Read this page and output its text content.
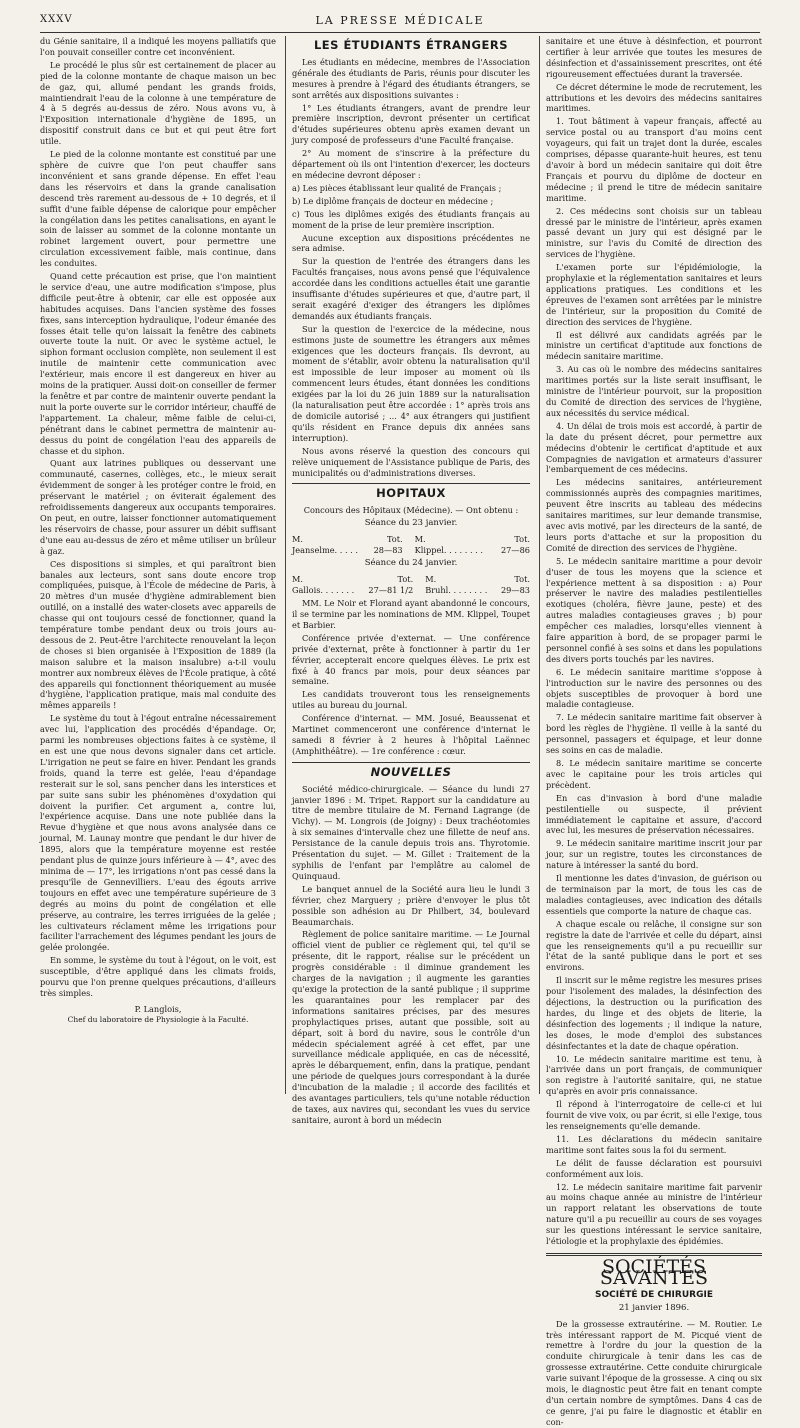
XXXV	LA PRESSE MÉDICALE

du Génie sanitaire, il a indiqué les moyens palliatifs que l'on pouvait conseiller contre cet inconvénient.

Le procédé le plus sûr est certainement de placer au pied de la colonne montante de chaque maison un bec de gaz, qui, allumé pendant les grands froids, maintiendrait l'eau de la colonne à une température de 4 à 5 degrés au-dessus de zéro. Nous avons vu, à l'Exposition internationale d'hygiène de 1895, un dispositif construit dans ce but et qui peut être fort utile.

Le pied de la colonne montante est constitué par une sphère de cuivre que l'on peut chauffer sans inconvénient et sans grande dépense. En effet l'eau dans les réservoirs et dans la grande canalisation descend très rarement au-dessous de + 10 degrés, et il suffit d'une faible dépense de calorique pour empêcher la congélation dans les petites canalisations, en ayant le soin de laisser au sommet de la colonne montante un robinet largement ouvert, pour permettre une circulation excessivement faible, mais continue, dans les conduites.

Quand cette précaution est prise, que l'on maintient le service d'eau, une autre modification s'impose, plus difficile peut-être à obtenir, car elle est opposée aux habitudes acquises. Dans l'ancien système des fosses fixes, sans interception hydraulique, l'odeur émanée des fosses était telle qu'on laissait la fenêtre des cabinets ouverte toute la nuit. Or avec le système actuel, le siphon formant occlusion complète, non seulement il est inutile de maintenir cette communication avec l'extérieur, mais encore il est dangereux en hiver au moins de la pratiquer. Aussi doit-on conseiller de fermer la fenêtre et par contre de maintenir ouverte pendant la nuit la porte ouverte sur le corridor intérieur, chauffé de l'appartement. La chaleur, même faible de celui-ci, pénétrant dans le cabinet permettra de maintenir au-dessus du point de congélation l'eau des appareils de chasse et du siphon.

Quant aux latrines publiques ou desservant une communauté, casernes, collèges, etc., le mieux serait évidemment de songer à les protéger contre le froid, en préservant le matériel ; on éviterait également des refroidissements dangereux aux occupants temporaires. On peut, en outre, laisser fonctionner automatiquement les réservoirs de chasse, pour assurer un débit suffisant d'une eau au-dessus de zéro et même utiliser un brûleur à gaz.

Ces dispositions si simples, et qui paraîtront bien banales aux lecteurs, sont sans doute encore trop compliquées, puisque, à l'École de médecine de Paris, à 20 mètres d'un musée d'hygiène admirablement bien outillé, on a installé des water-closets avec appareils de chasse qui ont toujours cessé de fonctionner, quand la température tombe pendant deux ou trois jours au-dessous de 2. Peut-être l'architecte renouvelant la leçon de choses si bien organisée à l'Exposition de 1889 (la maison salubre et la maison insalubre) a-t-il voulu montrer aux nombreux élèves de l'École pratique, à côté des appareils qui fonctionnent théoriquement au musée d'hygiène, l'application pratique, mais mal conduite des mêmes appareils !

Le système du tout à l'égout entraîne nécessairement avec lui, l'application des procédés d'épandage. Or, parmi les nombreuses objections faites à ce système, il en est une que nous devons signaler dans cet article. L'irrigation ne peut se faire en hiver. Pendant les grands froids, quand la terre est gelée, l'eau d'épandage resterait sur le sol, sans pencher dans les interstices et par suite sans subir les phénomènes d'oxydation qui doivent la purifier. Cet argument a, contre lui, l'expérience acquise. Dans une note publiée dans la Revue d'hygiène et que nous avons analysée dans ce journal, M. Launay montre que pendant le dur hiver de 1895, alors que la température moyenne est restée pendant plus de quinze jours inférieure à — 4°, avec des minima de — 17°, les irrigations n'ont pas cessé dans la presqu'île de Gennevilliers. L'eau des égouts arrive toujours en effet avec une température supérieure de 3 degrés au moins du point de congélation et elle préserve, au contraire, les terres irriguées de la gelée ; les cultivateurs réclament même les irrigations pour faciliter l'arrachement des légumes pendant les jours de gelée prolongée.

En somme, le système du tout à l'égout, on le voit, est susceptible, d'être appliqué dans les climats froids, pourvu que l'on prenne quelques précautions, d'ailleurs très simples.

P. Langlois,
Chef du laboratoire de Physiologie à la Faculté.
LES ÉTUDIANTS ÉTRANGERS

Les étudiants en médecine, membres de l'Association générale des étudiants de Paris, réunis pour discuter les mesures à prendre à l'égard des étudiants étrangers, se sont arrêtés aux dispositions suivantes :

1° Les étudiants étrangers, avant de prendre leur première inscription, devront présenter un certificat d'études supérieures obtenu après examen devant un jury composé de professeurs d'une Faculté française.

2° Au moment de s'inscrire à la préfecture du département où ils ont l'intention d'exercer, les docteurs en médecine devront déposer :

a) Les pièces établissant leur qualité de Français ;

b) Le diplôme français de docteur en médecine ;

c) Tous les diplômes exigés des étudiants français au moment de la prise de leur première inscription.

Aucune exception aux dispositions précédentes ne sera admise.

Sur la question de l'entrée des étrangers dans les Facultés françaises, nous avons pensé que l'équivalence accordée dans les conditions actuelles était une garantie insuffisante d'études supérieures et que, d'autre part, il serait exagéré d'exiger des étrangers les diplômes demandés aux étudiants français.

Sur la question de l'exercice de la médecine, nous estimons juste de soumettre les étrangers aux mêmes exigences que les docteurs français. Ils devront, au moment de s'établir, avoir obtenu la naturalisation qu'il est impossible de leur imposer au moment où ils commencent leurs études, étant données les conditions exigées par la loi du 26 juin 1889 sur la naturalisation (la naturalisation peut être accordée : 1° après trois ans de domicile autorisé ; ... 4° aux étrangers qui justifient qu'ils résident en France depuis dix années sans interruption).

Nous avons réservé la question des concours qui relève uniquement de l'Assistance publique de Paris, des municipalités ou d'administrations diverses.

HOPITAUX

Concours des Hôpitaux (Médecine). — Ont obtenu :

Séance du 23 janvier.
M.	Tot.	M.	Tot.
Jeanselme. . . . .	28—83	Klippel. . . . . . . .	27—86
Séance du 24 janvier.
M.	Tot.	M.	Tot.
Gallois. . . . . . .	27—81 1/2	Bruhl. . . . . . . .	29—83

MM. Le Noir et Florand ayant abandonné le concours, il se termine par les nominations de MM. Klippel, Toupet et Barbier.

Conférence privée d'externat. — Une conférence privée d'externat, prête à fonctionner à partir du 1er février, accepterait encore quelques élèves. Le prix est fixé à 40 francs par mois, pour deux séances par semaine.

Les candidats trouveront tous les renseignements utiles au bureau du journal.

Conférence d'internat. — MM. Josué, Beaussenat et Martinet commenceront une conférence d'internat le samedi 8 février à 2 heures à l'hôpital Laënnec (Amphithéâtre). — 1re conférence : cœur.

NOUVELLES

Société médico-chirurgicale. — Séance du lundi 27 janvier 1896 : M. Tripet. Rapport sur la candidature au titre de membre titulaire de M. Fernand Lagrange (de Vichy). — M. Longrois (de Joigny) : Deux trachéotomies à six semaines d'intervalle chez une fillette de neuf ans. Persistance de la canule depuis trois ans. Thyrotomie. Présentation du sujet. — M. Gillet : Traitement de la syphilis de l'enfant par l'emplâtre au calomel de Quinquaud.

Le banquet annuel de la Société aura lieu le lundi 3 février, chez Marguery ; prière d'envoyer le plus tôt possible son adhésion au Dr Philbert, 34, boulevard Beaumarchais.

Règlement de police sanitaire maritime. — Le Journal officiel vient de publier ce règlement qui, tel qu'il se présente, dit le rapport, réalise sur le précédent un progrès considérable : il diminue grandement les charges de la navigation ; il augmente les garanties qu'exige la protection de la santé publique ; il supprime les quarantaines pour les remplacer par des informations sanitaires précises, par des mesures prophylactiques prises, autant que possible, soit au départ, soit à bord du navire, sous le contrôle d'un médecin spécialement agréé à cet effet, par une surveillance médicale appliquée, en cas de nécessité, après le débarquement, enfin, dans la pratique, pendant une période de quelques jours correspondant à la durée d'incubation de la maladie ; il accorde des facilités et des avantages particuliers, tels qu'une notable réduction de taxes, aux navires qui, secondant les vues du service sanitaire, auront à bord un médecin

sanitaire et une étuve à désinfection, et pourront certifier à leur arrivée que toutes les mesures de désinfection et d'assainissement prescrites, ont été rigoureusement effectuées durant la traversée.

Ce décret détermine le mode de recrutement, les attributions et les devoirs des médecins sanitaires maritimes.

1. Tout bâtiment à vapeur français, affecté au service postal ou au transport d'au moins cent voyageurs, qui fait un trajet dont la durée, escales comprises, dépasse quarante-huit heures, est tenu d'avoir à bord un médecin sanitaire qui doit être Français et pourvu du diplôme de docteur en médecine ; il prend le titre de médecin sanitaire maritime.

2. Ces médecins sont choisis sur un tableau dressé par le ministre de l'intérieur, après examen passé devant un jury qui est désigné par le ministre, sur l'avis du Comité de direction des services de l'hygiène.

L'examen porte sur l'épidémiologie, la prophylaxie et la réglementation sanitaires et leurs applications pratiques. Les conditions et les épreuves de l'examen sont arrêtées par le ministre de l'intérieur, sur la proposition du Comité de direction des services de l'hygiène.

Il est délivré aux candidats agréés par le ministre un certificat d'aptitude aux fonctions de médecin sanitaire maritime.

3. Au cas où le nombre des médecins sanitaires maritimes portés sur la liste serait insuffisant, le ministre de l'intérieur pourvoit, sur la proposition du Comité de direction des services de l'hygiène, aux nécessités du service médical.

4. Un délai de trois mois est accordé, à partir de la date du présent décret, pour permettre aux médecins d'obtenir le certificat d'aptitude et aux Compagnies de navigation et armateurs d'assurer l'embarquement de ces médecins.

Les médecins sanitaires, antérieurement commissionnés auprès des compagnies maritimes, peuvent être inscrits au tableau des médecins sanitaires maritimes, sur leur demande transmise, avec avis motivé, par les directeurs de la santé, de leurs ports d'attache et sur la proposition du Comité de direction des services de l'hygiène.

5. Le médecin sanitaire maritime a pour devoir d'user de tous les moyens que la science et l'expérience mettent à sa disposition : a) Pour préserver le navire des maladies pestilentielles exotiques (choléra, fièvre jaune, peste) et des autres maladies contagieuses graves ; b) pour empêcher ces maladies, lorsqu'elles viennent à faire apparition à bord, de se propager parmi le personnel confié à ses soins et dans les populations des divers ports touchés par les navires.

6. Le médecin sanitaire maritime s'oppose à l'introduction sur le navire des personnes ou des objets susceptibles de provoquer à bord une maladie contagieuse.

7. Le médecin sanitaire maritime fait observer à bord les règles de l'hygiène. Il veille à la santé du personnel, passagers et équipage, et leur donne ses soins en cas de maladie.

8. Le médecin sanitaire maritime se concerte avec le capitaine pour les trois articles qui précèdent.

En cas d'invasion à bord d'une maladie pestilentielle ou suspecte, il prévient immédiatement le capitaine et assure, d'accord avec lui, les mesures de préservation nécessaires.

9. Le médecin sanitaire maritime inscrit jour par jour, sur un registre, toutes les circonstances de nature à intéresser la santé du bord.

Il mentionne les dates d'invasion, de guérison ou de terminaison par la mort, de tous les cas de maladies contagieuses, avec indication des détails essentiels que comporte la nature de chaque cas.

A chaque escale ou relâche, il consigne sur son registre la date de l'arrivée et celle du départ, ainsi que les renseignements qu'il a pu recueillir sur l'état de la santé publique dans le port et ses environs.

Il inscrit sur le même registre les mesures prises pour l'isolement des malades, la désinfection des déjections, la destruction ou la purification des hardes, du linge et des objets de literie, la désinfection des logements ; il indique la nature, les doses, le mode d'emploi des substances désinfectantes et la date de chaque opération.

10. Le médecin sanitaire maritime est tenu, à l'arrivée dans un port français, de communiquer son registre à l'autorité sanitaire, qui, ne statue qu'après en avoir pris connaissance.

Il répond à l'interrogatoire de celle-ci et lui fournit de vive voix, ou par écrit, si elle l'exige, tous les renseignements qu'elle demande.

11. Les déclarations du médecin sanitaire maritime sont faites sous la foi du serment.

Le délit de fausse déclaration est poursuivi conformément aux lois.

12. Le médecin sanitaire maritime fait parvenir au moins chaque année au ministre de l'intérieur un rapport relatant les observations de toute nature qu'il a pu recueillir au cours de ses voyages sur les questions intéressant le service sanitaire, l'étiologie et la prophylaxie des épidémies.

SOCIÉTÉS SAVANTES
SOCIÉTÉ DE CHIRURGIE
21 janvier 1896.

De la grossesse extrautérine. — M. Routier. Le très intéressant rapport de M. Picqué vient de remettre à l'ordre du jour la question de la conduite chirurgicale à tenir dans les cas de grossesse extrautérine. Cette conduite chirurgicale varie suivant l'époque de la grossesse. A cinq ou six mois, le diagnostic peut être fait en tenant compte d'un certain nombre de symptômes. Dans 4 cas de ce genre, j'ai pu faire le diagnostic et établir en con-
